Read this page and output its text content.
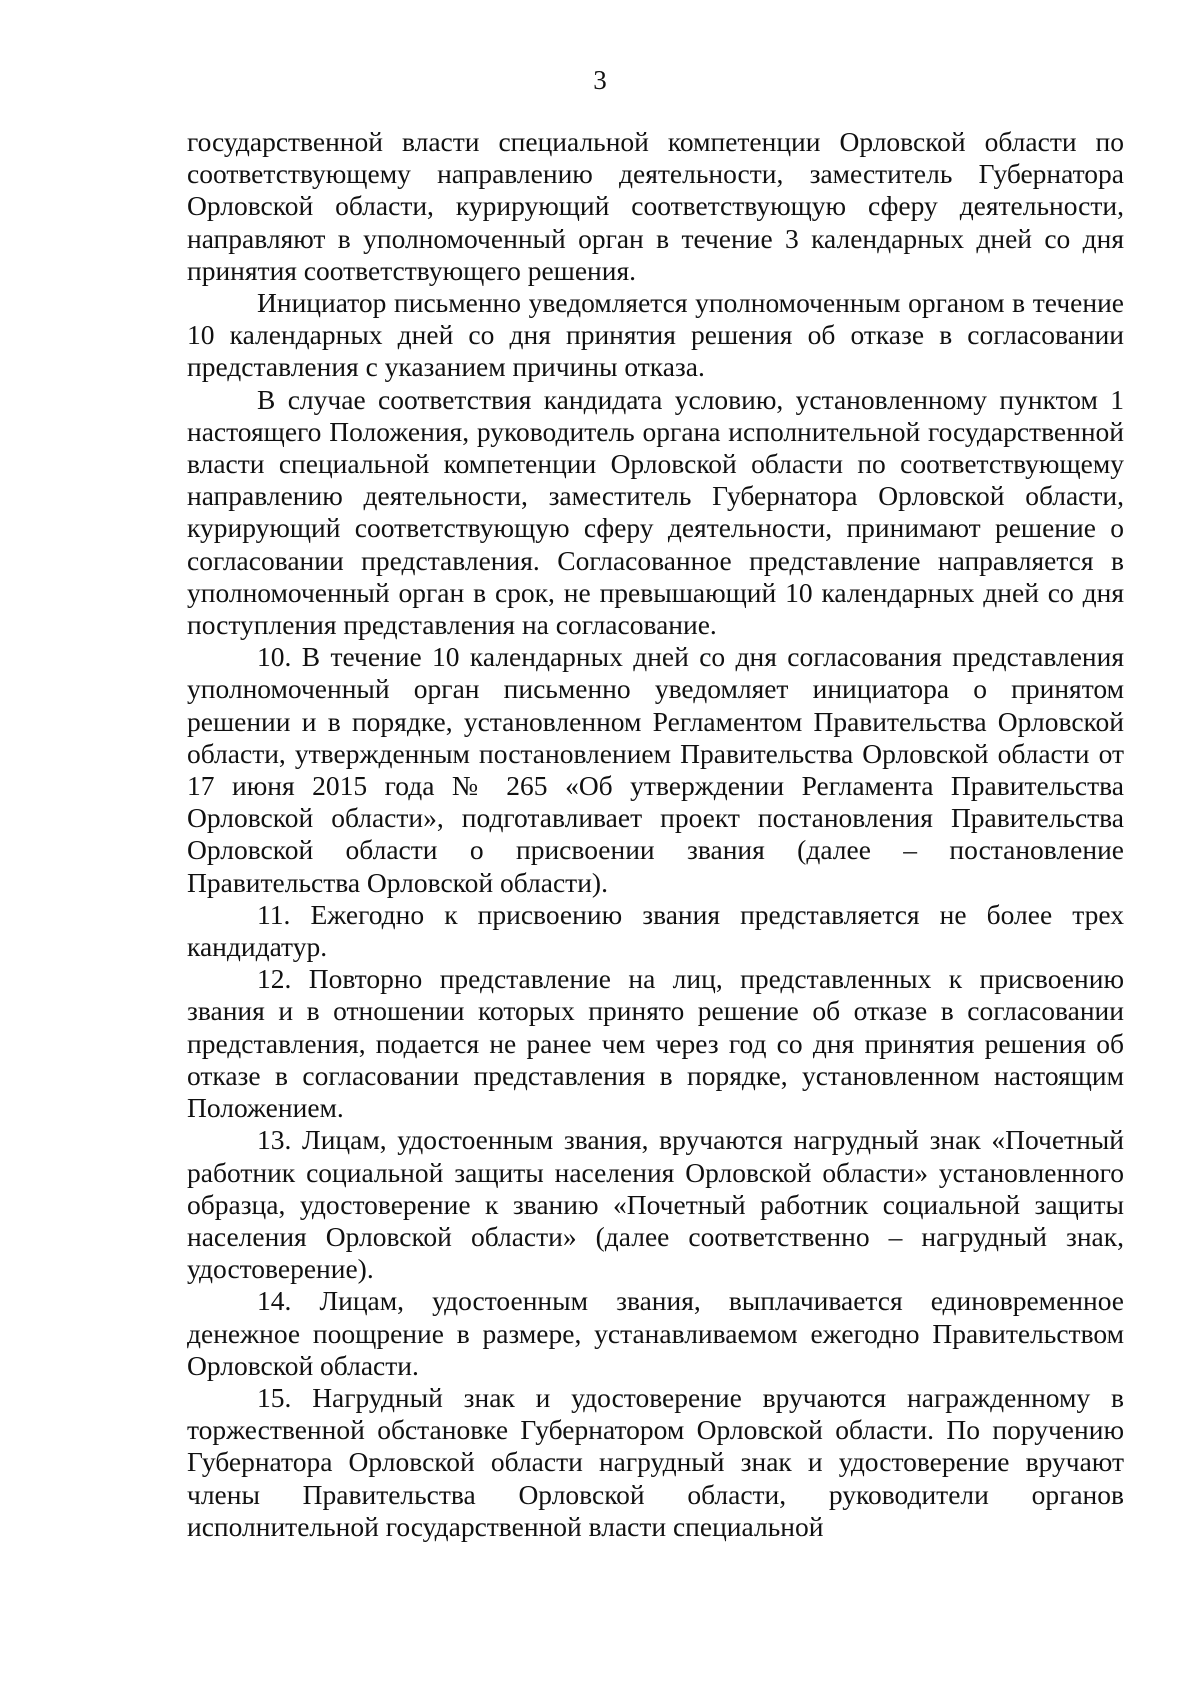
3

государственной власти специальной компетенции Орловской области по соответствующему направлению деятельности, заместитель Губернатора Орловской области, курирующий соответствующую сферу деятельности, направляют в уполномоченный орган в течение 3 календарных дней со дня принятия соответствующего решения.

Инициатор письменно уведомляется уполномоченным органом в течение 10 календарных дней со дня принятия решения об отказе в согласовании представления с указанием причины отказа.

В случае соответствия кандидата условию, установленному пунктом 1 настоящего Положения, руководитель органа исполнительной государственной власти специальной компетенции Орловской области по соответствующему направлению деятельности, заместитель Губернатора Орловской области, курирующий соответствующую сферу деятельности, принимают решение о согласовании представления. Согласованное представление направляется в уполномоченный орган в срок, не превышающий 10 календарных дней со дня поступления представления на согласование.

10. В течение 10 календарных дней со дня согласования представления уполномоченный орган письменно уведомляет инициатора о принятом решении и в порядке, установленном Регламентом Правительства Орловской области, утвержденным постановлением Правительства Орловской области от 17 июня 2015 года № 265 «Об утверждении Регламента Правительства Орловской области», подготавливает проект постановления Правительства Орловской области о присвоении звания (далее – постановление Правительства Орловской области).

11. Ежегодно к присвоению звания представляется не более трех кандидатур.

12. Повторно представление на лиц, представленных к присвоению звания и в отношении которых принято решение об отказе в согласовании представления, подается не ранее чем через год со дня принятия решения об отказе в согласовании представления в порядке, установленном настоящим Положением.

13. Лицам, удостоенным звания, вручаются нагрудный знак «Почетный работник социальной защиты населения Орловской области» установленного образца, удостоверение к званию «Почетный работник социальной защиты населения Орловской области» (далее соответственно – нагрудный знак, удостоверение).

14. Лицам, удостоенным звания, выплачивается единовременное денежное поощрение в размере, устанавливаемом ежегодно Правительством Орловской области.

15. Нагрудный знак и удостоверение вручаются награжденному в торжественной обстановке Губернатором Орловской области. По поручению Губернатора Орловской области нагрудный знак и удостоверение вручают члены Правительства Орловской области, руководители органов исполнительной государственной власти специальной
